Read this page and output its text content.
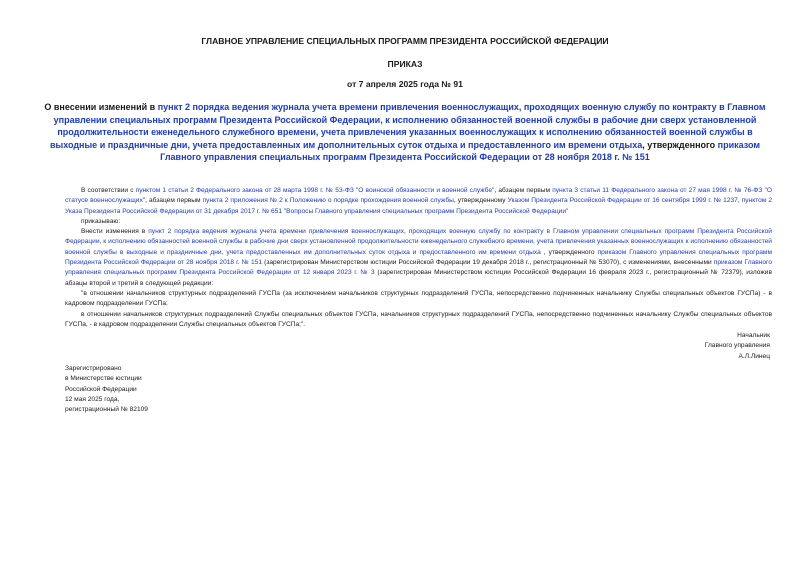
ГЛАВНОЕ УПРАВЛЕНИЕ СПЕЦИАЛЬНЫХ ПРОГРАММ ПРЕЗИДЕНТА РОССИЙСКОЙ ФЕДЕРАЦИИ
ПРИКАЗ
от 7 апреля 2025 года № 91
О внесении изменений в пункт 2 порядка ведения журнала учета времени привлечения военнослужащих, проходящих военную службу по контракту в Главном управлении специальных программ Президента Российской Федерации, к исполнению обязанностей военной службы в рабочие дни сверх установленной продолжительности еженедельного служебного времени, учета привлечения указанных военнослужащих к исполнению обязанностей военной службы в выходные и праздничные дни, учета предоставленных им дополнительных суток отдыха и предоставленного им времени отдыха, утвержденного приказом Главного управления специальных программ Президента Российской Федерации от 28 ноября 2018 г. № 151

В соответствии с пунктом 1 статьи 2 Федерального закона от 28 марта 1998 г. № 53-ФЗ "О воинской обязанности и военной службе", абзацем первым пункта 3 статьи 11 Федерального закона от 27 мая 1998 г. № 76-ФЗ "О статусе военнослужащих", абзацем первым пункта 2 приложения № 2 к Положению о порядке прохождения военной службы, утвержденному Указом Президента Российской Федерации от 16 сентября 1999 г. № 1237, пунктом 2 Указа Президента Российской Федерации от 31 декабря 2017 г. № 651 "Вопросы Главного управления специальных программ Президента Российской Федерации"

приказываю:

Внести изменения в пункт 2 порядка ведения журнала учета времени привлечения военнослужащих, проходящих военную службу по контракту в Главном управлении специальных программ Президента Российской Федерации, к исполнению обязанностей военной службы в рабочие дни сверх установленной продолжительности еженедельного служебного времени, учета привлечения указанных военнослужащих к исполнению обязанностей военной службы в выходные и праздничные дни, учета предоставленных им дополнительных суток отдыха и предоставленного им времени отдыха , утвержденного приказом Главного управления специальных программ Президента Российской Федерации от 28 ноября 2018 г. № 151 (зарегистрирован Министерством юстиции Российской Федерации 19 декабря 2018 г., регистрационный № 53070), с изменениями, внесенными приказом Главного управления специальных программ Президента Российской Федерации от 12 января 2023 г. № 3 (зарегистрирован Министерством юстиции Российской Федерации 16 февраля 2023 г., регистрационный № 72379), изложив абзацы второй и третий в следующей редакции:

"в отношении начальников структурных подразделений ГУСПа (за исключением начальников структурных подразделений ГУСПа, непосредственно подчиненных начальнику Службы специальных объектов ГУСПа) - в кадровом подразделении ГУСПа;

в отношении начальников структурных подразделений Службы специальных объектов ГУСПа, начальников структурных подразделений ГУСПа, непосредственно подчиненных начальнику Службы специальных объектов ГУСПа, - в кадровом подразделении Службы специальных объектов ГУСПа;".

Начальник
Главного управления
А.Л.Линец
Зарегистрировано
в Министерстве юстиции
Российской Федерации
12 мая 2025 года,
регистрационный № 82109
